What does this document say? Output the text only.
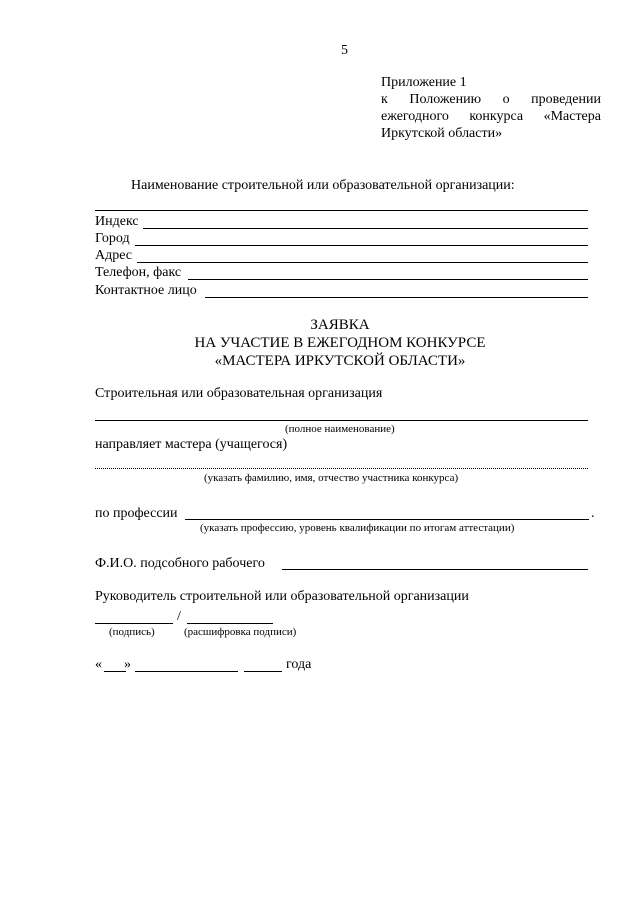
5
Приложение 1
к Положению о проведении
ежегодного конкурса «Мастера
Иркутской области»
Наименование строительной или образовательной организации:
Индекс
Город
Адрес
Телефон, факс
Контактное лицо
ЗАЯВКА
НА УЧАСТИЕ В ЕЖЕГОДНОМ КОНКУРСЕ
«МАСТЕРА ИРКУТСКОЙ ОБЛАСТИ»
Строительная или образовательная организация
(полное наименование)
направляет мастера (учащегося)
(указать фамилию, имя, отчество участника конкурса)
по профессии	.
(указать профессию, уровень квалификации по итогам аттестации)
Ф.И.О. подсобного рабочего
Руководитель строительной или образовательной организации
/
(подпись)	(расшифровка подписи)
« »	года
